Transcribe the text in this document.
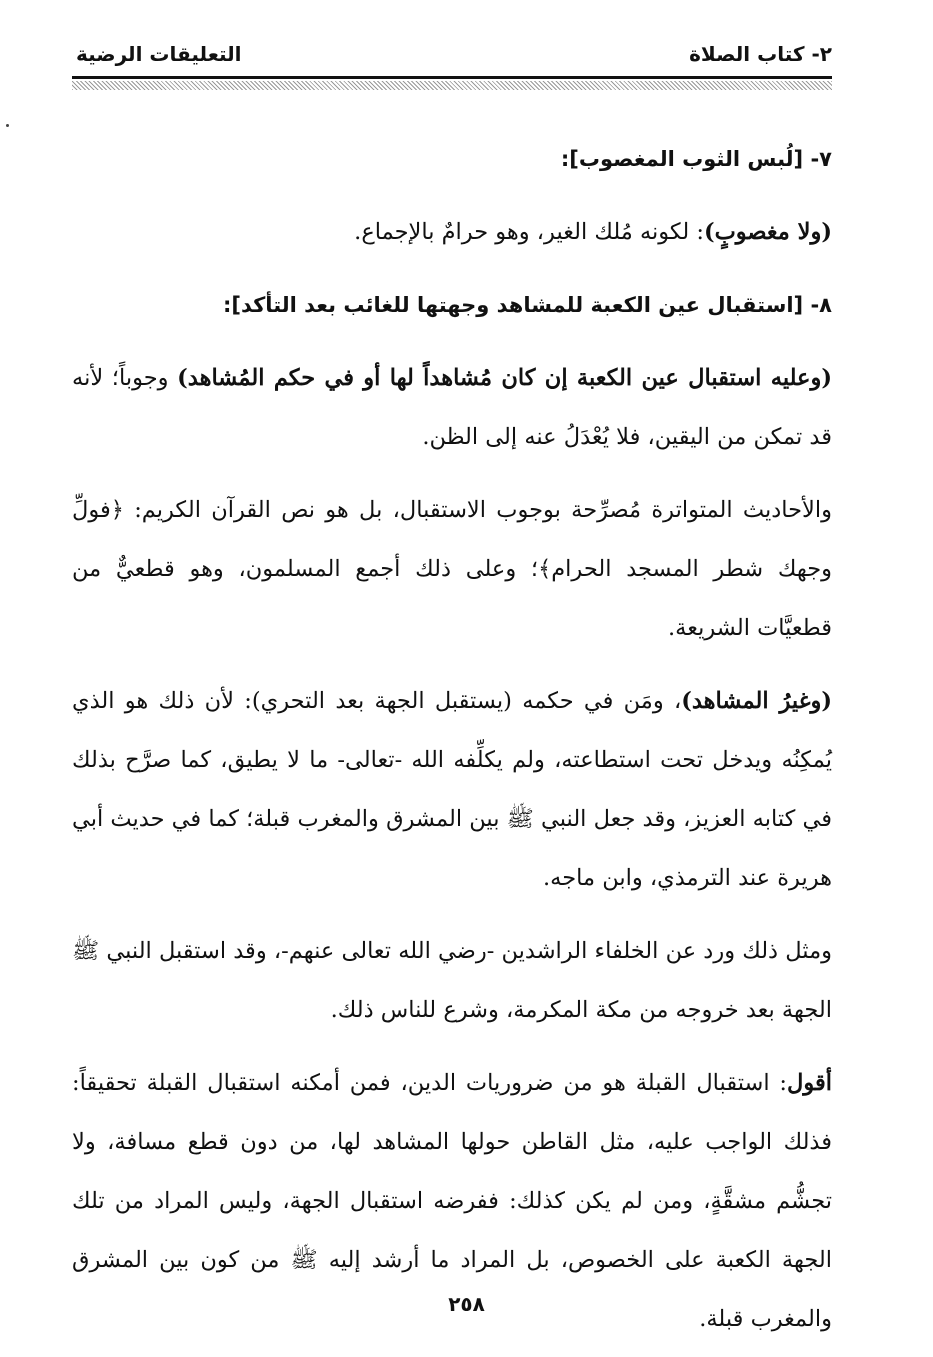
التعليقات الرضية	٢- كتاب الصلاة

٧- [لُبس الثوب المغصوب]:

(ولا مغصوبٍ): لكونه مُلك الغير، وهو حرامٌ بالإجماع.

٨- [استقبال عين الكعبة للمشاهد وجهتها للغائب بعد التأكد]:

(وعليه استقبال عين الكعبة إن كان مُشاهداً لها أو في حكم المُشاهد) وجوباً؛ لأنه قد تمكن من اليقين، فلا يُعْدَلُ عنه إلى الظن.

والأحاديث المتواترة مُصرِّحة بوجوب الاستقبال، بل هو نص القرآن الكريم: ﴿فولِّ وجهك شطر المسجد الحرام﴾؛ وعلى ذلك أجمع المسلمون، وهو قطعيٌّ من قطعيَّات الشريعة.

(وغيرُ المشاهد)، ومَن في حكمه (يستقبل الجهة بعد التحري): لأن ذلك هو الذي يُمكِنُه ويدخل تحت استطاعته، ولم يكلِّفه الله -تعالى- ما لا يطيق، كما صرَّح بذلك في كتابه العزيز، وقد جعل النبي ﷺ بين المشرق والمغرب قبلة؛ كما في حديث أبي هريرة عند الترمذي، وابن ماجه.

ومثل ذلك ورد عن الخلفاء الراشدين -رضي الله تعالى عنهم-، وقد استقبل النبي ﷺ الجهة بعد خروجه من مكة المكرمة، وشرع للناس ذلك.

أقول: استقبال القبلة هو من ضروريات الدين، فمن أمكنه استقبال القبلة تحقيقاً: فذلك الواجب عليه، مثل القاطن حولها المشاهد لها، من دون قطع مسافة، ولا تجشُّم مشقَّةٍ، ومن لم يكن كذلك: ففرضه استقبال الجهة، وليس المراد من تلك الجهة الكعبة على الخصوص، بل المراد ما أرشد إليه ﷺ من كون بين المشرق والمغرب قبلة.

٢٥٨
